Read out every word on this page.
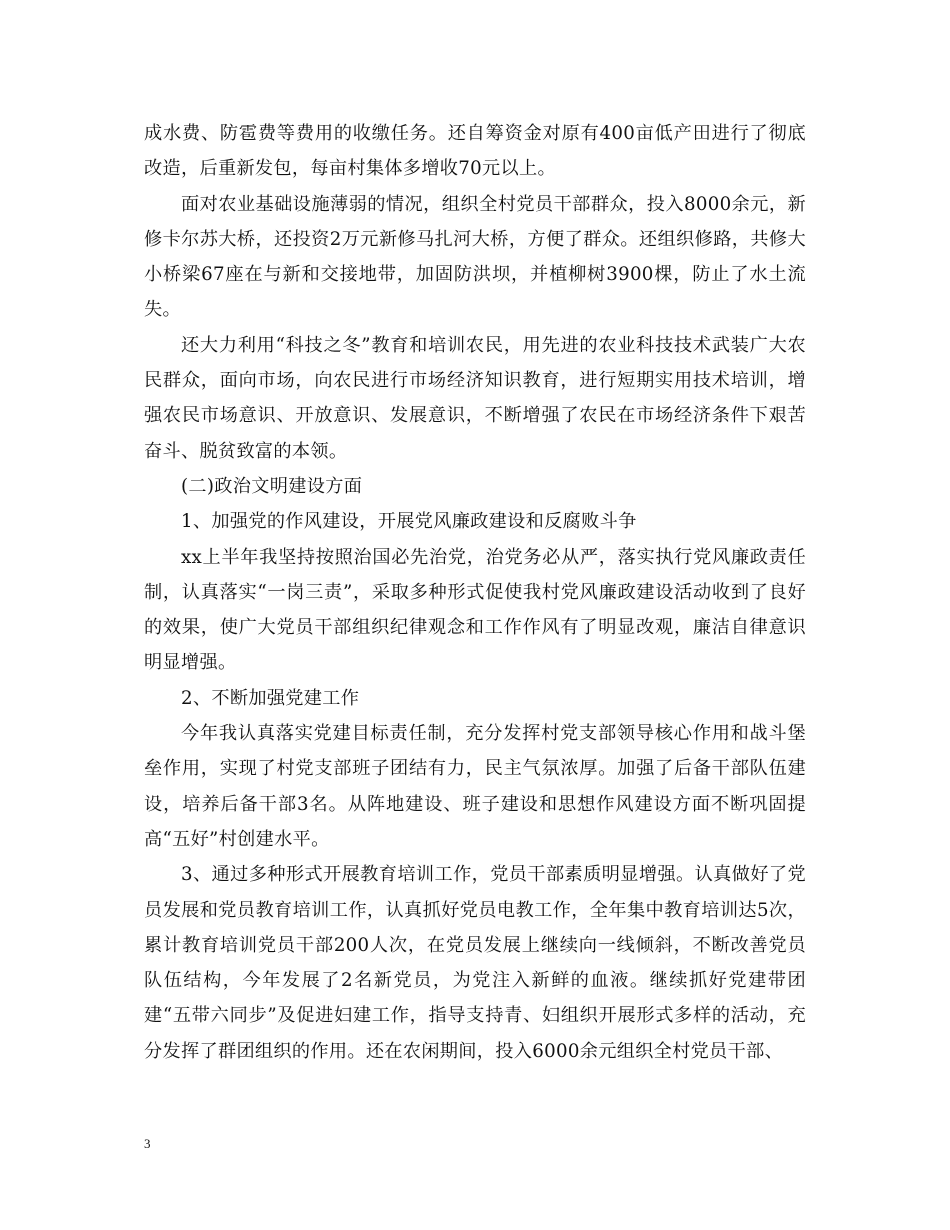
成水费、防雹费等费用的收缴任务。还自筹资金对原有400亩低产田进行了彻底改造，后重新发包，每亩村集体多增收70元以上。

面对农业基础设施薄弱的情况，组织全村党员干部群众，投入8000余元，新修卡尔苏大桥，还投资2万元新修马扎河大桥，方便了群众。还组织修路，共修大小桥梁67座在与新和交接地带，加固防洪坝，并植柳树3900棵，防止了水土流失。

还大力利用“科技之冬”教育和培训农民，用先进的农业科技技术武装广大农民群众，面向市场，向农民进行市场经济知识教育，进行短期实用技术培训，增强农民市场意识、开放意识、发展意识，不断增强了农民在市场经济条件下艰苦奋斗、脱贫致富的本领。

(二)政治文明建设方面

1、加强党的作风建设，开展党风廉政建设和反腐败斗争

xx上半年我坚持按照治国必先治党，治党务必从严，落实执行党风廉政责任制，认真落实“一岗三责”，采取多种形式促使我村党风廉政建设活动收到了良好的效果，使广大党员干部组织纪律观念和工作作风有了明显改观，廉洁自律意识明显增强。

2、不断加强党建工作

今年我认真落实党建目标责任制，充分发挥村党支部领导核心作用和战斗堡垒作用，实现了村党支部班子团结有力，民主气氛浓厚。加强了后备干部队伍建设，培养后备干部3名。从阵地建设、班子建设和思想作风建设方面不断巩固提高“五好”村创建水平。

3、通过多种形式开展教育培训工作，党员干部素质明显增强。认真做好了党员发展和党员教育培训工作，认真抓好党员电教工作，全年集中教育培训达5次，累计教育培训党员干部200人次，在党员发展上继续向一线倾斜，不断改善党员队伍结构，今年发展了2名新党员，为党注入新鲜的血液。继续抓好党建带团建“五带六同步”及促进妇建工作，指导支持青、妇组织开展形式多样的活动，充分发挥了群团组织的作用。还在农闲期间，投入6000余元组织全村党员干部、

3
